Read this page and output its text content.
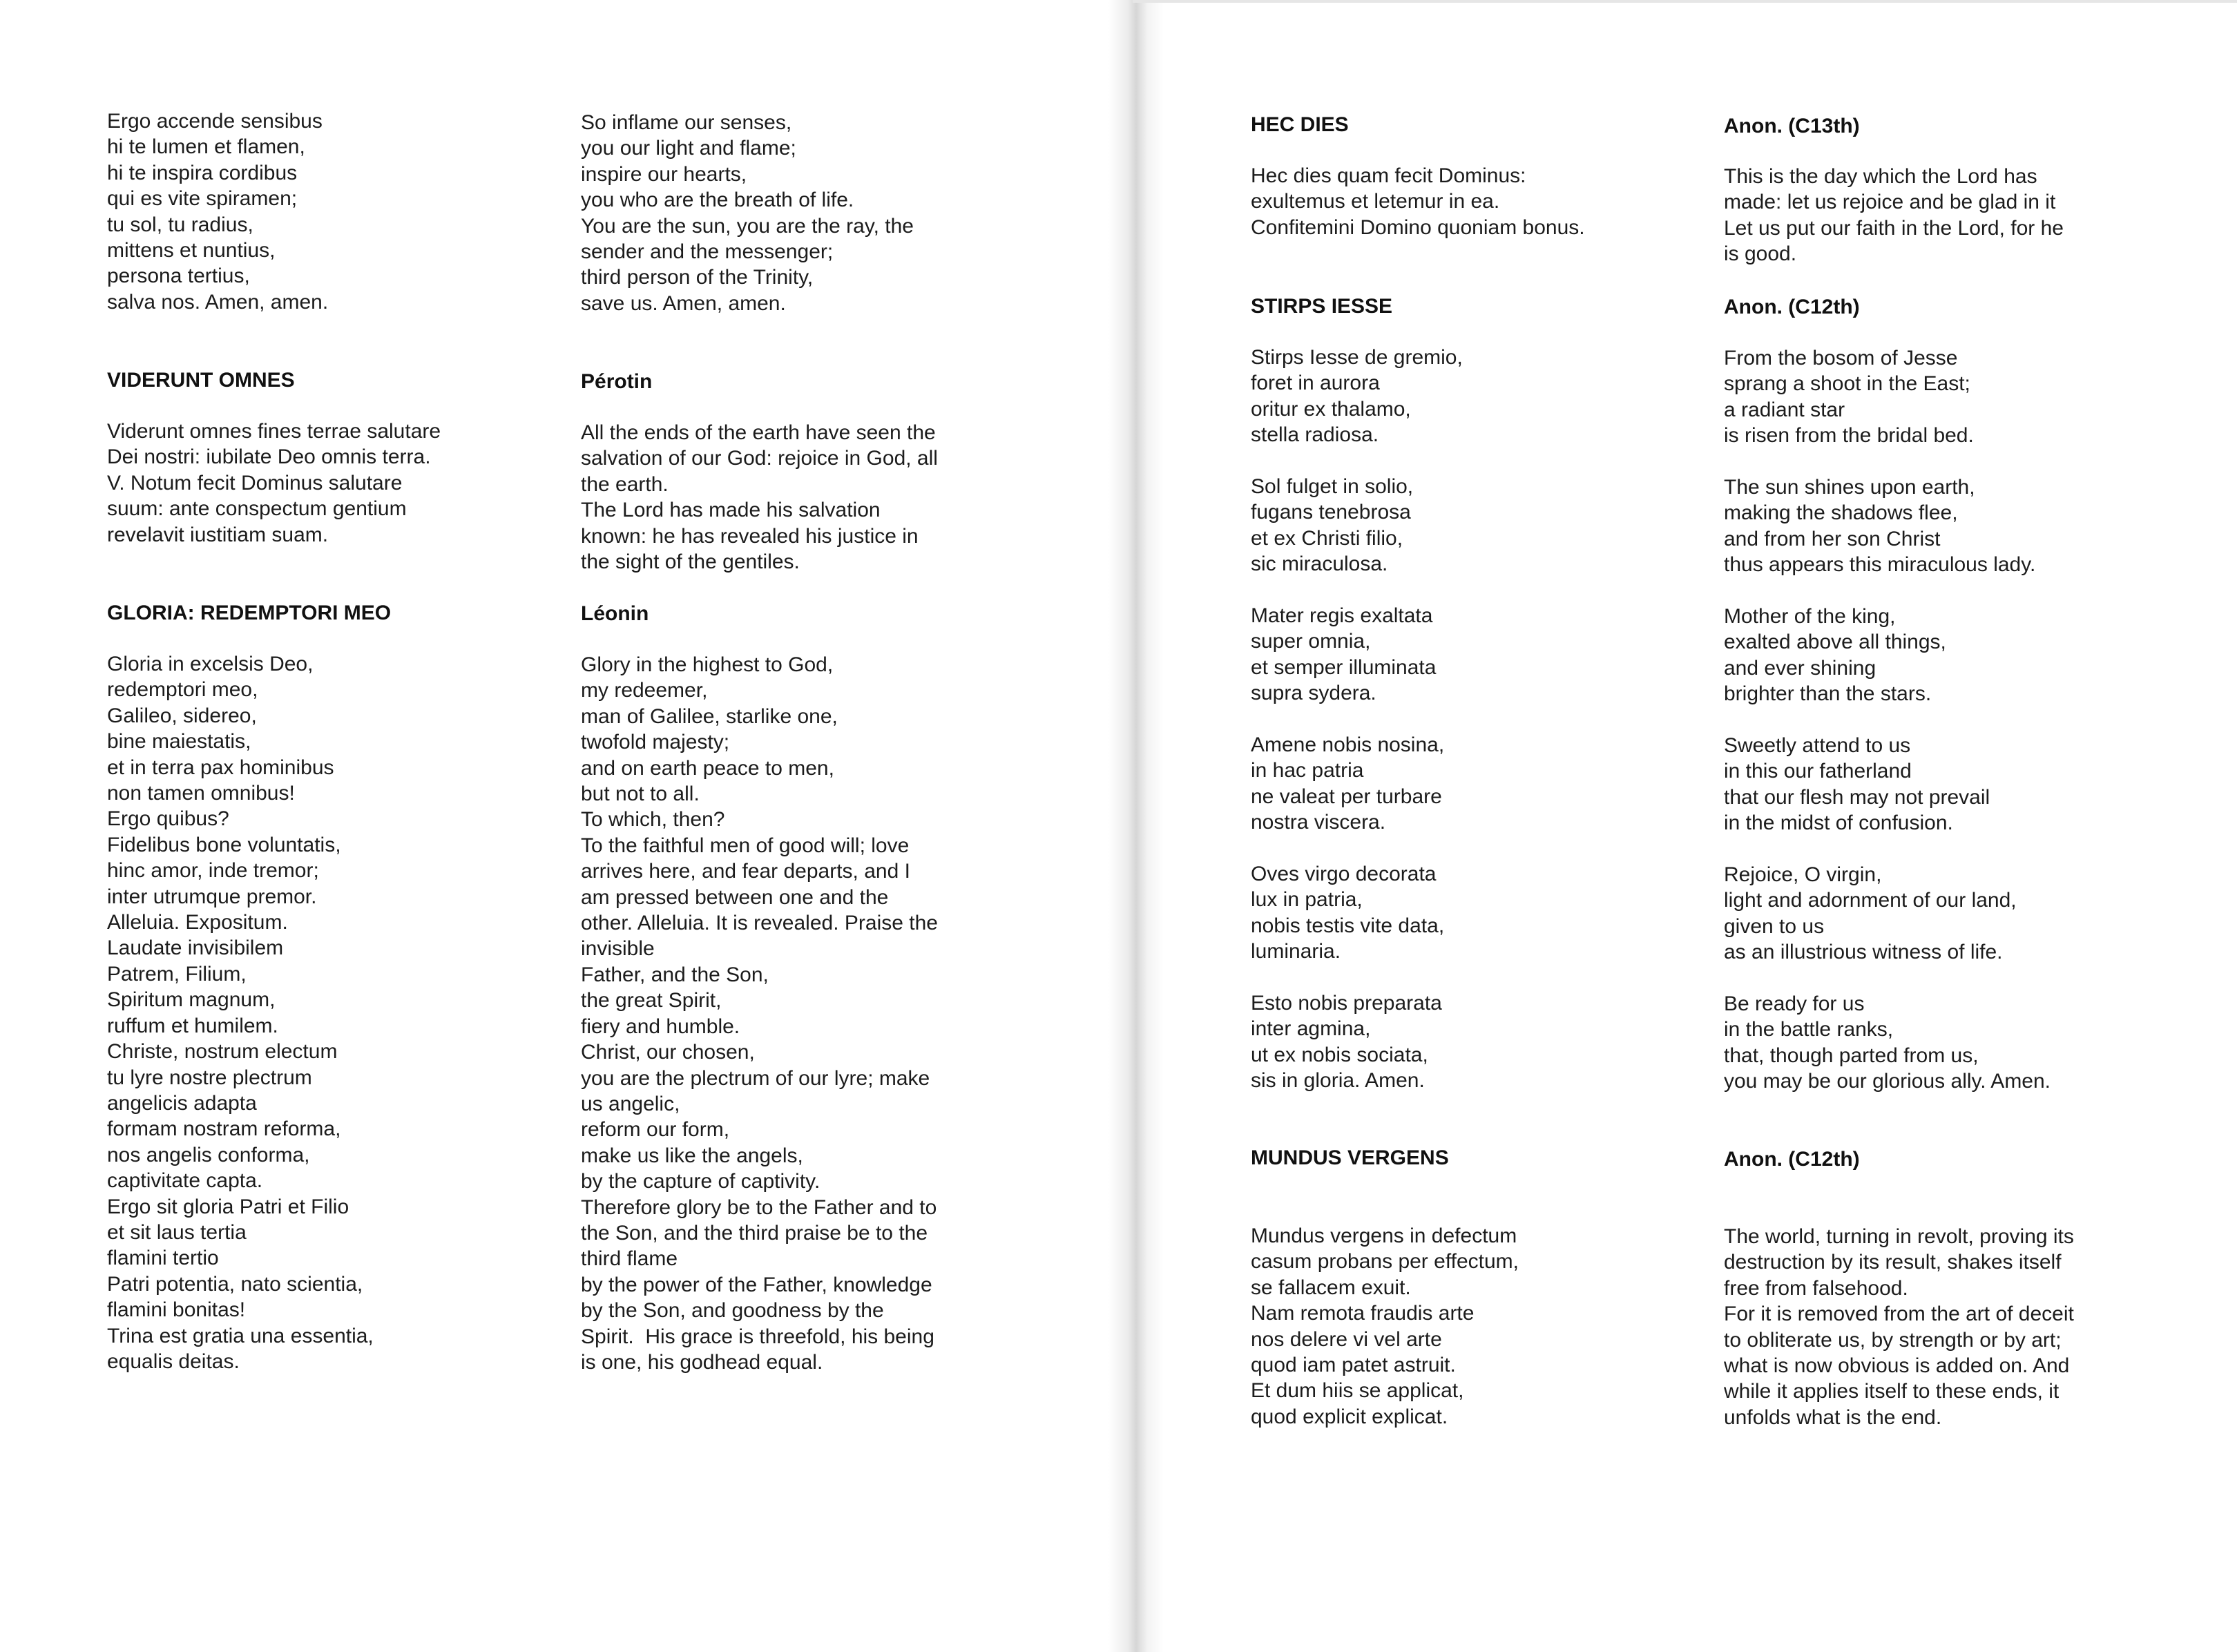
Ergo accende sensibus
hi te lumen et flamen,
hi te inspira cordibus
qui es vite spiramen;
tu sol, tu radius,
mittens et nuntius,
persona tertius,
salva nos. Amen, amen.

VIDERUNT OMNES

Viderunt omnes fines terrae salutare
Dei nostri: iubilate Deo omnis terra.
V. Notum fecit Dominus salutare
suum: ante conspectum gentium
revelavit iustitiam suam.

GLORIA: REDEMPTORI MEO

Gloria in excelsis Deo,
redemptori meo,
Galileo, sidereo,
bine maiestatis,
et in terra pax hominibus
non tamen omnibus!
Ergo quibus?
Fidelibus bone voluntatis,
hinc amor, inde tremor;
inter utrumque premor.
Alleluia. Expositum.
Laudate invisibilem
Patrem, Filium,
Spiritum magnum,
ruffum et humilem.
Christe, nostrum electum
tu lyre nostre plectrum
angelicis adapta
formam nostram reforma,
nos angelis conforma,
captivitate capta.
Ergo sit gloria Patri et Filio
et sit laus tertia
flamini tertio
Patri potentia, nato scientia,
flamini bonitas!
Trina est gratia una essentia,
equalis deitas.

So inflame our senses,
you our light and flame;
inspire our hearts,
you who are the breath of life.
You are the sun, you are the ray, the
sender and the messenger;
third person of the Trinity,
save us. Amen, amen.

Pérotin

All the ends of the earth have seen the
salvation of our God: rejoice in God, all
the earth.
The Lord has made his salvation
known: he has revealed his justice in
the sight of the gentiles.

Léonin

Glory in the highest to God,
my redeemer,
man of Galilee, starlike one,
twofold majesty;
and on earth peace to men,
but not to all.
To which, then?
To the faithful men of good will; love
arrives here, and fear departs, and I
am pressed between one and the
other. Alleluia. It is revealed. Praise the
invisible
Father, and the Son,
the great Spirit,
fiery and humble.
Christ, our chosen,
you are the plectrum of our lyre; make
us angelic,
reform our form,
make us like the angels,
by the capture of captivity.
Therefore glory be to the Father and to
the Son, and the third praise be to the
third flame
by the power of the Father, knowledge
by the Son, and goodness by the
Spirit.  His grace is threefold, his being
is one, his godhead equal.

HEC DIES

Hec dies quam fecit Dominus:
exultemus et letemur in ea.
Confitemini Domino quoniam bonus.

STIRPS IESSE

Stirps Iesse de gremio,
foret in aurora
oritur ex thalamo,
stella radiosa.

Sol fulget in solio,
fugans tenebrosa
et ex Christi filio,
sic miraculosa.

Mater regis exaltata
super omnia,
et semper illuminata
supra sydera.

Amene nobis nosina,
in hac patria
ne valeat per turbare
nostra viscera.

Oves virgo decorata
lux in patria,
nobis testis vite data,
luminaria.

Esto nobis preparata
inter agmina,
ut ex nobis sociata,
sis in gloria. Amen.

MUNDUS VERGENS

Mundus vergens in defectum
casum probans per effectum,
se fallacem exuit.
Nam remota fraudis arte
nos delere vi vel arte
quod iam patet astruit.
Et dum hiis se applicat,
quod explicit explicat.

Anon. (C13th)

This is the day which the Lord has
made: let us rejoice and be glad in it
Let us put our faith in the Lord, for he
is good.

Anon. (C12th)

From the bosom of Jesse
sprang a shoot in the East;
a radiant star
is risen from the bridal bed.

The sun shines upon earth,
making the shadows flee,
and from her son Christ
thus appears this miraculous lady.

Mother of the king,
exalted above all things,
and ever shining
brighter than the stars.

Sweetly attend to us
in this our fatherland
that our flesh may not prevail
in the midst of confusion.

Rejoice, O virgin,
light and adornment of our land,
given to us
as an illustrious witness of life.

Be ready for us
in the battle ranks,
that, though parted from us,
you may be our glorious ally. Amen.

Anon. (C12th)

The world, turning in revolt, proving its
destruction by its result, shakes itself
free from falsehood.
For it is removed from the art of deceit
to obliterate us, by strength or by art;
what is now obvious is added on. And
while it applies itself to these ends, it
unfolds what is the end.
